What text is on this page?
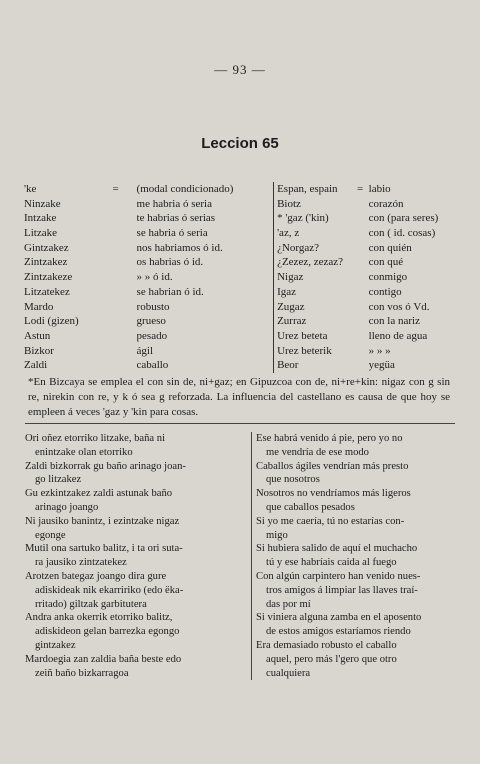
— 93 —
Leccion 65
'ke	=	(modal condicionado)	Espan, espain	= labio
Ninzake	me habria ó seria	Biotz	corazón
Intzake	te habrias ó serias	* 'gaz ('kin)	con (para seres)
Litzake	se habria ó seria	'az, z	con ( id. cosas)
Gintzakez	nos habriamos ó id.	¿Norgaz?	con quién
Zintzakez	os habrias ó id.	¿Zezez, zezaz?	con qué
Zintzakeze	» » ó id.	Nigaz	conmigo
Litzatekez	se habrian ó id.	Igaz	contigo
Mardo	robusto	Zugaz	con vos ó Vd.
Lodi (gizen)	grueso	Zurraz	con la nariz
Astun	pesado	Urez beteta	lleno de agua
Bizkor	ágil	Urez beterik	» » »
Zaldi	caballo	Beor	yegüa
*En Bizcaya se emplea el con sin de, ni+gaz; en Gipuzcoa con de, ni+re+kin: nigaz con g sin re, nirekin con re, y k ó sea g reforzada. La influencia del castellano es causa de que hoy se empleen á veces 'gaz y 'kin para cosas.
Ori oñez etorriko litzake, baña ni
enintzake olan etorriko
Zaldi bizkorrak gu baño arinago joan-
go litzakez
Gu ezkintzakez zaldi astunak baño
arinago joango
Ni jausiko banintz, i ezintzake nigaz
egonge
Mutil ona sartuko balitz, i ta ori suta-
ra jausiko zintzatekez
Arotzen bategaz joango dira gure
adiskideak nik ekarririko (edo ëka-
rritado) giltzak garbitutera
Andra anka okerrik etorriko balitz,
adiskideon gelan barrezka egongo
gintzakez
Mardoegia zan zaldia baña beste edo
zeiñ baño bizkarragoa
Ese habrá venido á pie, pero yo no
me vendría de ese modo
Caballos ágiles vendrían más presto
que nosotros
Nosotros no vendríamos más ligeros
que caballos pesados
Si yo me caería, tú no estarías con-
migo
Si hubiera salido de aquí el muchacho
tú y ese habríais caida al fuego
Con algún carpintero han venido nues-
tros amigos á limpiar las llaves traí-
das por mí
Si viniera alguna zamba en el aposento
de estos amigos estaríamos riendo
Era demasiado robusto el caballo
aquel, pero más l'gero que otro
cualquiera
